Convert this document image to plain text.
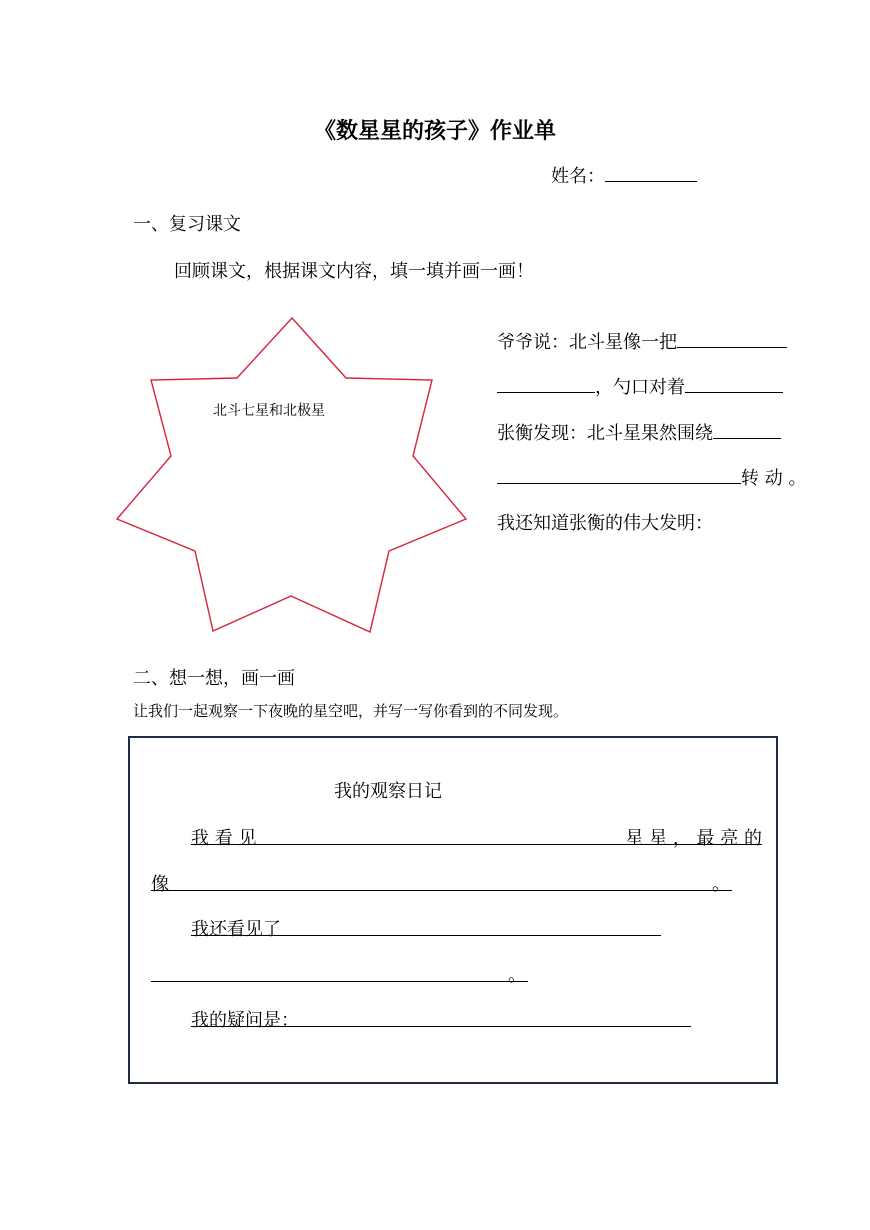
《数星星的孩子》作业单
姓名：
一、复习课文
回顾课文，根据课文内容，填一填并画一画！
北斗七星和北极星
爷爷说：北斗星像一把
，勺口对着
张衡发现：北斗星果然围绕
转 动 。
我还知道张衡的伟大发明：
二、想一想，画一画
让我们一起观察一下夜晚的星空吧，并写一写你看到的不同发现。
我的观察日记
我 看 见	星 星 ， 最 亮 的
像	。
我还看见了
。
我的疑问是：
